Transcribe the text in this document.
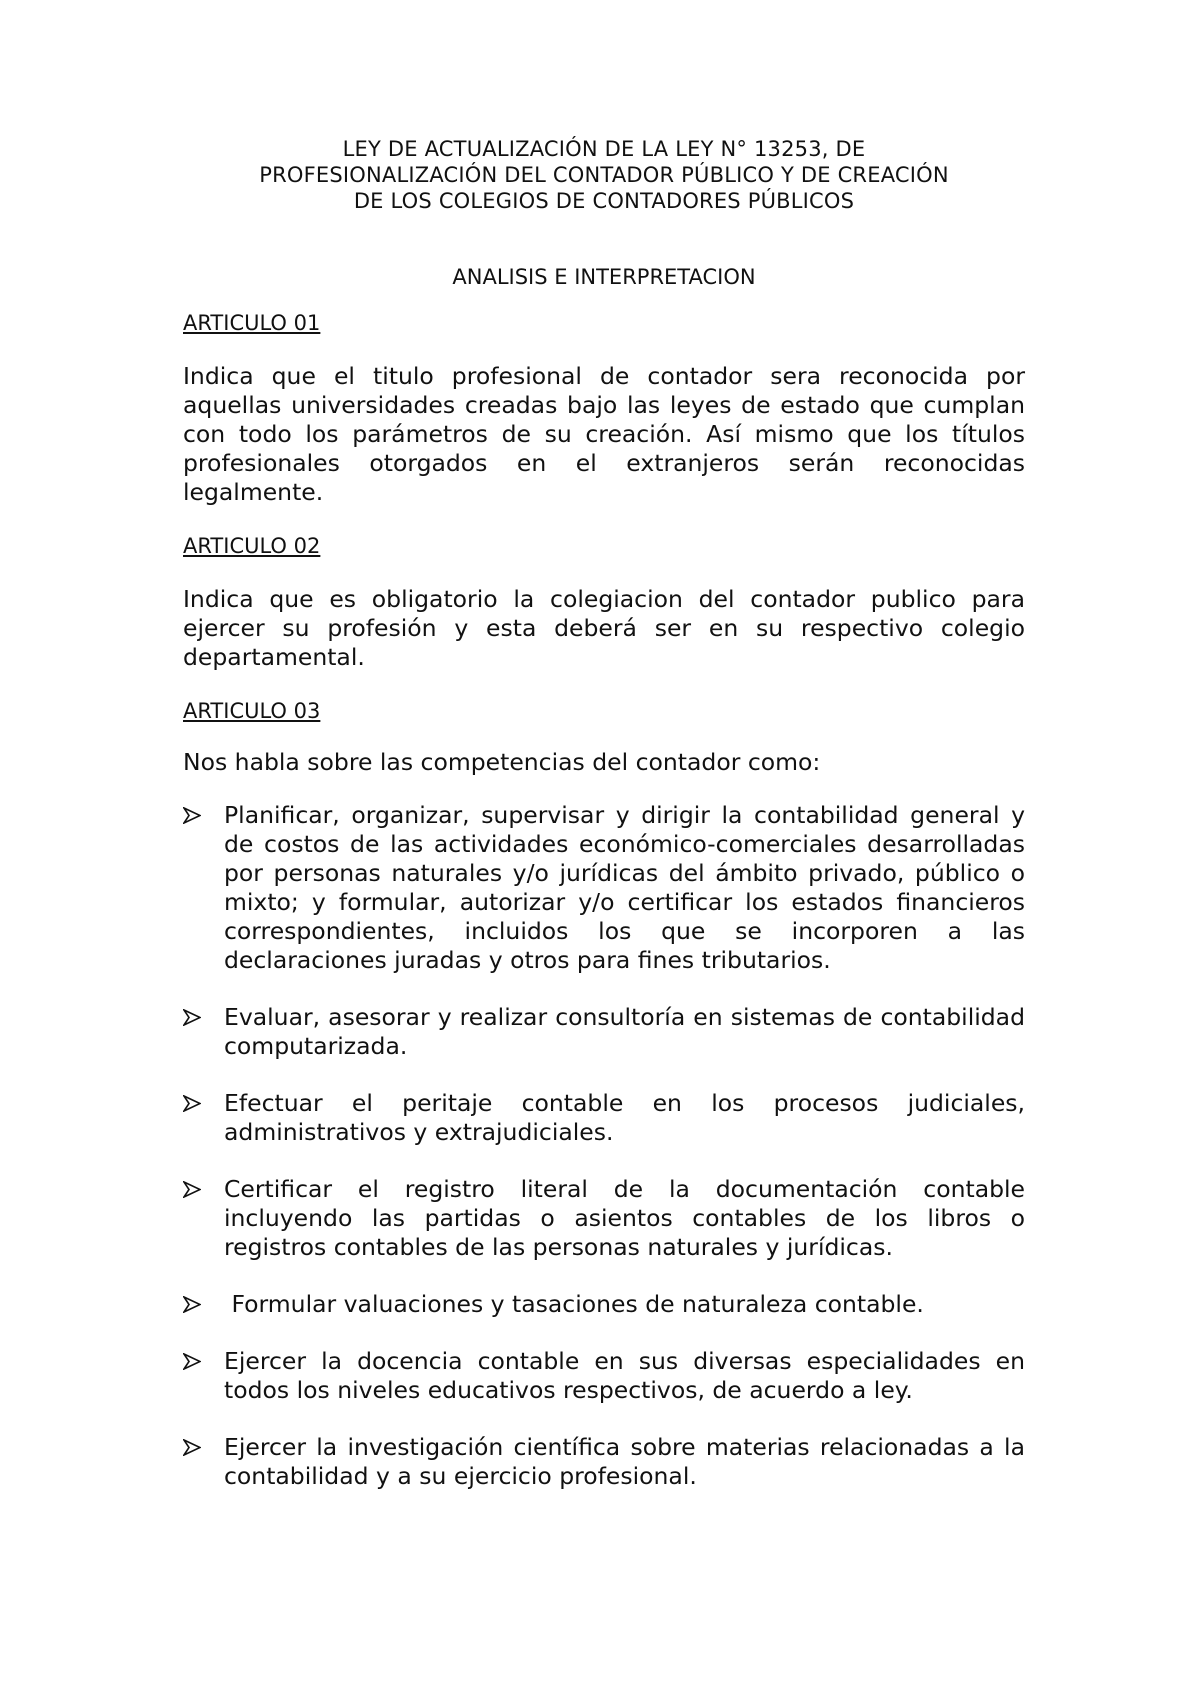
LEY DE ACTUALIZACIÓN DE LA LEY N° 13253, DE
PROFESIONALIZACIÓN DEL CONTADOR PÚBLICO Y DE CREACIÓN
DE LOS COLEGIOS DE CONTADORES PÚBLICOS

ANALISIS E INTERPRETACION

ARTICULO 01

Indica que el titulo profesional de contador sera reconocida por aquellas universidades creadas bajo las leyes de estado que cumplan con todo los parámetros de su creación. Así mismo que los títulos profesionales otorgados en el extranjeros serán reconocidas legalmente.

ARTICULO 02

Indica que es obligatorio la colegiacion del contador publico para ejercer su profesión y esta deberá ser en su respectivo colegio departamental.

ARTICULO 03

Nos habla sobre las competencias del contador como:

Planificar, organizar, supervisar y dirigir la contabilidad general y de costos de las actividades económico-comerciales desarrolladas por personas naturales y/o jurídicas del ámbito privado, público o mixto; y formular, autorizar y/o certificar los estados financieros correspondientes, incluidos los que se incorporen a las declaraciones juradas y otros para fines tributarios.
Evaluar, asesorar y realizar consultoría en sistemas de contabilidad computarizada.
Efectuar el peritaje contable en los procesos judiciales, administrativos y extrajudiciales.
Certificar el registro literal de la documentación contable incluyendo las partidas o asientos contables de los libros o registros contables de las personas naturales y jurídicas.
Formular valuaciones y tasaciones de naturaleza contable.
Ejercer la docencia contable en sus diversas especialidades en todos los niveles educativos respectivos, de acuerdo a ley.
Ejercer la investigación científica sobre materias relacionadas a la contabilidad y a su ejercicio profesional.
